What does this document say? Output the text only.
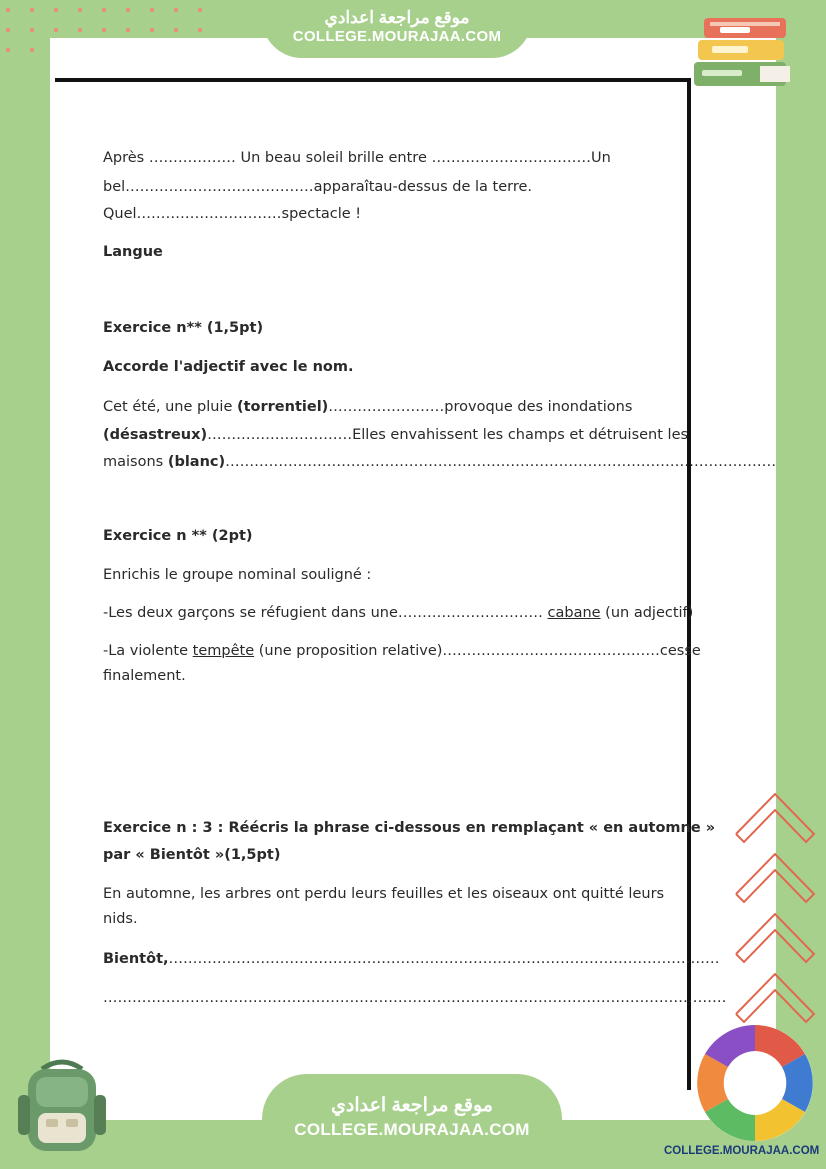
موقع مراجعة اعدادي
COLLEGE.MOURAJAA.COM

Après ……………… Un beau soleil brille entre ……………………………Un

bel…………………………………apparaîtau-dessus de la terre.

Quel…………………………spectacle !

Langue

Exercice n** (1,5pt)

Accorde l'adjectif avec le nom.

Cet été, une pluie (torrentiel)……………………provoque des inondations

(désastreux)…………………………Elles envahissent les champs et détruisent les

maisons (blanc)……………………………………………………………………………………………………

Exercice n ** (2pt)

Enrichis le groupe nominal souligné :

-Les deux garçons se réfugient dans une………………………… cabane (un adjectif)

-La violente tempête (une proposition relative)………………………………………cesse

finalement.

Exercice n : 3 : Réécris la phrase ci-dessous en remplaçant « en automne »

par « Bientôt »(1,5pt)

En automne, les arbres ont perdu leurs feuilles et les oiseaux ont quitté leurs

nids.

Bientôt,……………………………………………………………………………………………………

…………………………………………………………………………………………………………………

موقع مراجعة اعدادي
COLLEGE.MOURAJAA.COM
COLLEGE.MOURAJAA.COM
